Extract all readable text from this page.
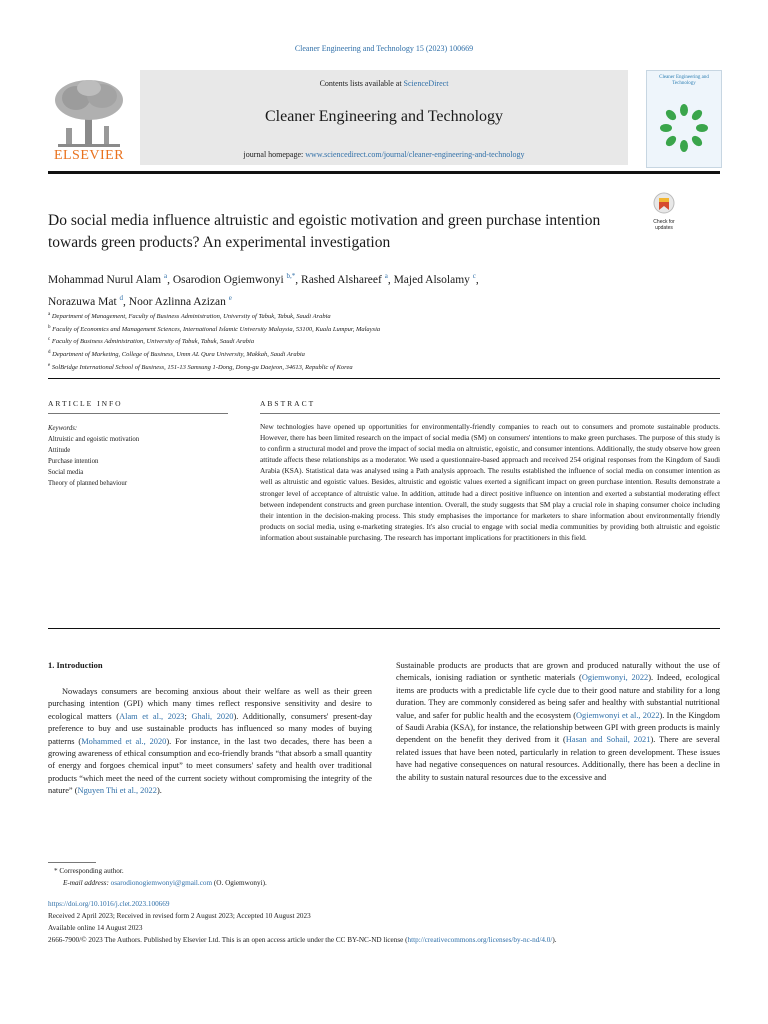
Cleaner Engineering and Technology 15 (2023) 100669
ELSEVIER
Contents lists available at ScienceDirect
Cleaner Engineering and Technology
journal homepage: www.sciencedirect.com/journal/cleaner-engineering-and-technology
Cleaner Engineering and Technology
Check for updates
Do social media influence altruistic and egoistic motivation and green purchase intention towards green products? An experimental investigation
Mohammad Nurul Alam $^a$, Osarodion Ogiemwonyi $^{b,*}$, Rashed Alshareef $^a$, Majed Alsolamy $^c$,
Norazuwa Mat $^d$, Noor Azlinna Azizan $^e$
$^a$ Department of Management, Faculty of Business Administration, University of Tabuk, Tabuk, Saudi Arabia
$^b$ Faculty of Economics and Management Sciences, International Islamic University Malaysia, 53100, Kuala Lumpur, Malaysia
$^c$ Faculty of Business Administration, University of Tabuk, Tabuk, Saudi Arabia
$^d$ Department of Marketing, College of Business, Umm AL Qura University, Makkah, Saudi Arabia
$^e$ SolBridge International School of Business, 151-13 Samsung 1-Dong, Dong-gu Daejeon, 34613, Republic of Korea
ARTICLE INFO
Keywords:
Altruistic and egoistic motivation
Attitude
Purchase intention
Social media
Theory of planned behaviour
ABSTRACT
New technologies have opened up opportunities for environmentally-friendly companies to reach out to consumers and promote sustainable products. However, there has been limited research on the impact of social media (SM) on consumers' intentions to make green purchases. The purpose of this study is to confirm a structural model and prove the impact of social media on altruistic, egoistic, and consumer intentions. Additionally, the study observe how green attitude affects these relationships as a moderator. We used a questionnaire-based approach and received 254 original responses from the Kingdom of Saudi Arabia (KSA). Statistical data was analysed using a Path analysis approach. The results established the influence of social media on consumer intention as well as altruistic and egoistic values. Besides, altruistic and egoistic values exerted a significant impact on green purchase intention. Results demonstrate a stronger level of acceptance of altruistic value. In addition, attitude had a direct positive influence on intention and exerted a substantial moderating effect between independent constructs and green purchase intention. Overall, the study suggests that SM play a crucial role in shaping consumer choice including their intention in the decision-making process. This study emphasises the importance for marketers to share information about environmentally friendly products on social media, using e-marketing strategies. It's also crucial to engage with social media communities by providing both altruistic and egoistic information about sustainable purchasing. The research has important implications for practitioners in this field.
1. Introduction
Nowadays consumers are becoming anxious about their welfare as well as their green purchasing intention (GPI) which many times reflect responsive sensitivity and desire to ecological matters (Alam et al., 2023; Ghali, 2020). Additionally, consumers' present-day preference to buy and use sustainable products has influenced so many modes of buying patterns (Mohammed et al., 2020). For instance, in the last two decades, there has been a growing awareness of ethical consumption and eco-friendly brands “that absorb a small quantity of energy and forgoes chemical input” to meet consumers' safety and health over traditional products “which meet the need of the current society without compromising the integrity of the nature” (Nguyen Thi et al., 2022).
Sustainable products are products that are grown and produced naturally without the use of chemicals, ionising radiation or synthetic materials (Ogiemwonyi, 2022). Indeed, ecological items are products with a predictable life cycle due to their good nature and stability for a long duration. They are commonly considered as being safer and healthy with substantial nutritional value, and safer for public health and the ecosystem (Ogiemwonyi et al., 2022). In the Kingdom of Saudi Arabia (KSA), for instance, the relationship between GPI with green products is mainly dependent on the benefit they derived from it (Hasan and Sohail, 2021). There are several related issues that have been noted, particularly in relation to green development. These issues have had negative consequences on natural resources. Additionally, there has been a decline in the ability to sustain natural resources due to the excessive and
* Corresponding author.
E-mail address: osarodionogiemwonyi@gmail.com (O. Ogiemwonyi).
https://doi.org/10.1016/j.clet.2023.100669
Received 2 April 2023; Received in revised form 2 August 2023; Accepted 10 August 2023
Available online 14 August 2023
2666-7900/© 2023 The Authors. Published by Elsevier Ltd. This is an open access article under the CC BY-NC-ND license (http://creativecommons.org/licenses/by-nc-nd/4.0/).
